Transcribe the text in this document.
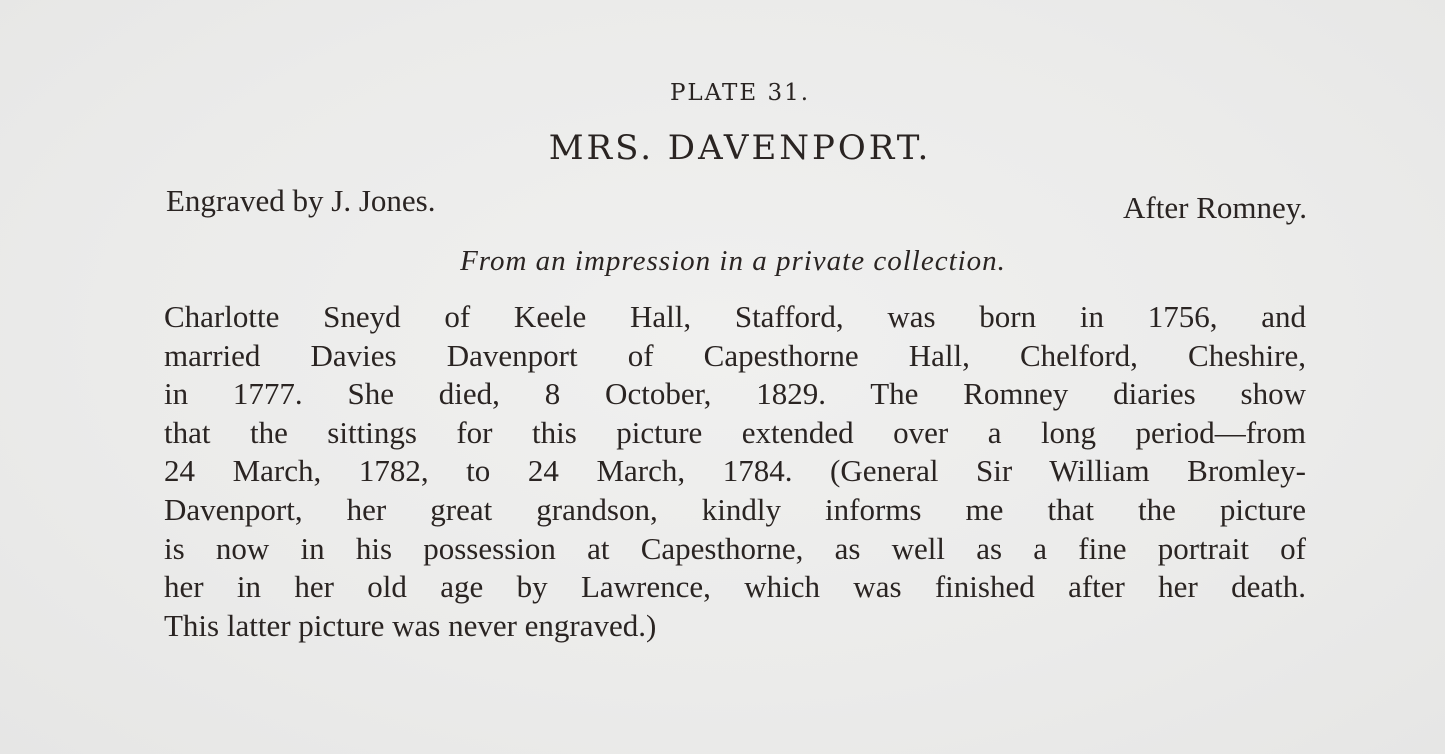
PLATE 31.
MRS. DAVENPORT.
Engraved by J. Jones.	After Romney.
From an impression in a private collection.
Charlotte Sneyd of Keele Hall, Stafford, was born in 1756, and
married Davies Davenport of Capesthorne Hall, Chelford, Cheshire,
in 1777. She died, 8 October, 1829. The Romney diaries show
that the sittings for this picture extended over a long period—from
24 March, 1782, to 24 March, 1784. (General Sir William Bromley-
Davenport, her great grandson, kindly informs me that the picture
is now in his possession at Capesthorne, as well as a fine portrait of
her in her old age by Lawrence, which was finished after her death.
This latter picture was never engraved.)
